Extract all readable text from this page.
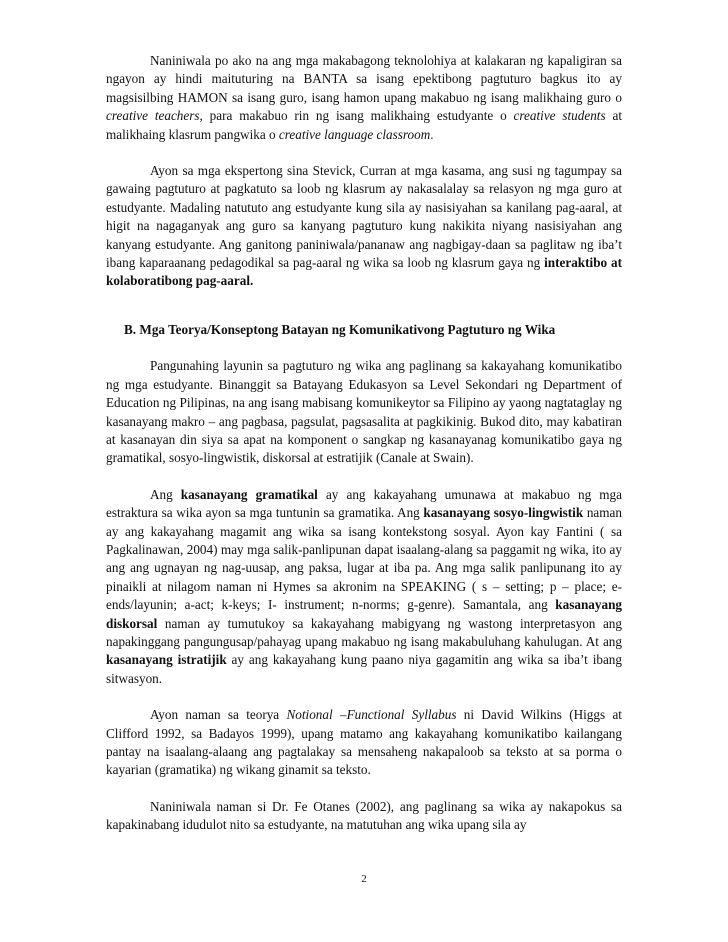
Naniniwala po ako na ang mga makabagong teknolohiya at kalakaran ng kapaligiran sa ngayon ay hindi maituturing na BANTA sa isang epektibong pagtuturo bagkus ito ay magsisilbing HAMON sa isang guro, isang hamon upang makabuo ng isang malikhaing guro o creative teachers, para makabuo rin ng isang malikhaing estudyante o creative students at malikhaing klasrum pangwika o creative language classroom.

Ayon sa mga ekspertong sina Stevick, Curran at mga kasama, ang susi ng tagumpay sa gawaing pagtuturo at pagkatuto sa loob ng klasrum ay nakasalalay sa relasyon ng mga guro at estudyante. Madaling natututo ang estudyante kung sila ay nasisiyahan sa kanilang pag-aaral, at higit na nagaganyak ang guro sa kanyang pagtuturo kung nakikita niyang nasisiyahan ang kanyang estudyante. Ang ganitong paniniwala/pananaw ang nagbigay-daan sa paglitaw ng iba’t ibang kaparaanang pedagodikal sa pag-aaral ng wika sa loob ng klasrum gaya ng interaktibo at kolaboratibong pag-aaral.

B. Mga Teorya/Konseptong Batayan ng Komunikativong Pagtuturo ng Wika

Pangunahing layunin sa pagtuturo ng wika ang paglinang sa kakayahang komunikatibo ng mga estudyante. Binanggit sa Batayang Edukasyon sa Level Sekondari ng Department of Education ng Pilipinas, na ang isang mabisang komunikeytor sa Filipino ay yaong nagtataglay ng kasanayang makro – ang pagbasa, pagsulat, pagsasalita at pagkikinig. Bukod dito, may kabatiran at kasanayan din siya sa apat na komponent o sangkap ng kasanayanag komunikatibo gaya ng gramatikal, sosyo-lingwistik, diskorsal at estratijik (Canale at Swain).

Ang kasanayang gramatikal ay ang kakayahang umunawa at makabuo ng mga estraktura sa wika ayon sa mga tuntunin sa gramatika. Ang kasanayang sosyo-lingwistik naman ay ang kakayahang magamit ang wika sa isang kontekstong sosyal. Ayon kay Fantini ( sa Pagkalinawan, 2004) may mga salik-panlipunan dapat isaalang-alang sa paggamit ng wika, ito ay ang ang ugnayan ng nag-uusap, ang paksa, lugar at iba pa. Ang mga salik panlipunang ito ay pinaikli at nilagom naman ni Hymes sa akronim na SPEAKING ( s – setting; p – place; e-ends/layunin; a-act; k-keys; I- instrument; n-norms; g-genre). Samantala, ang kasanayang diskorsal naman ay tumutukoy sa kakayahang mabigyang ng wastong interpretasyon ang napakinggang pangungusap/pahayag upang makabuo ng isang makabuluhang kahulugan. At ang kasanayang istratijik ay ang kakayahang kung paano niya gagamitin ang wika sa iba’t ibang sitwasyon.

Ayon naman sa teorya Notional –Functional Syllabus ni David Wilkins (Higgs at Clifford 1992, sa Badayos 1999), upang matamo ang kakayahang komunikatibo kailangang pantay na isaalang-alaang ang pagtalakay sa mensaheng nakapaloob sa teksto at sa porma o kayarian (gramatika) ng wikang ginamit sa teksto.

Naniniwala naman si Dr. Fe Otanes (2002), ang paglinang sa wika ay nakapokus sa kapakinabang idudulot nito sa estudyante, na matutuhan ang wika upang sila ay

2
